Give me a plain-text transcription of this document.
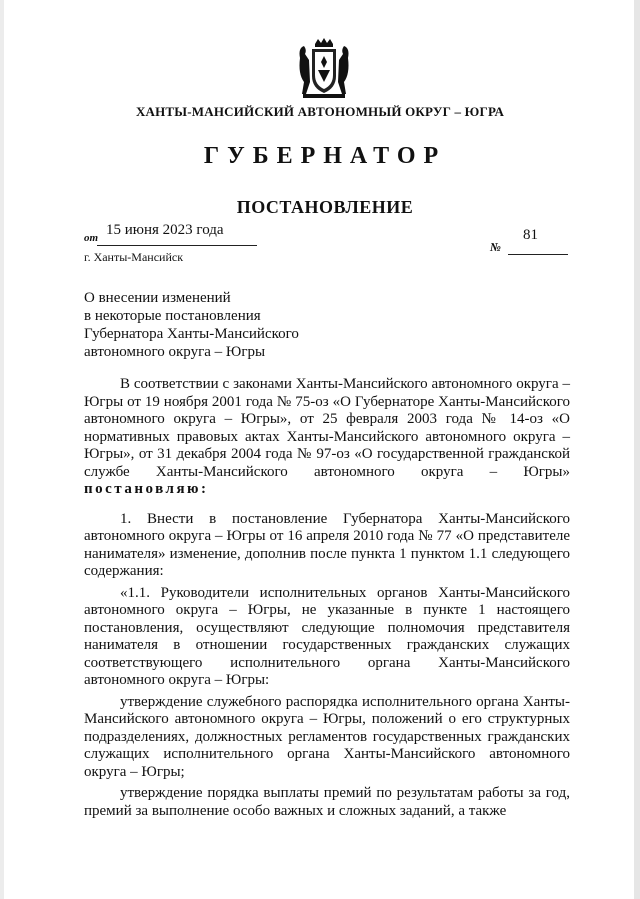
ХАНТЫ-МАНСИЙСКИЙ АВТОНОМНЫЙ ОКРУГ – ЮГРА
ГУБЕРНАТОР
ПОСТАНОВЛЕНИЕ
от 15 июня 2023 года
№
81
г. Ханты-Мансийск
О внесении изменений
в некоторые постановления
Губернатора Ханты-Мансийского
автономного округа – Югры

В соответствии с законами Ханты-Мансийского автономного округа – Югры от 19 ноября 2001 года № 75-оз «О Губернаторе Ханты-Мансийского автономного округа – Югры», от 25 февраля 2003 года № 14-оз «О нормативных правовых актах Ханты-Мансийского автономного округа – Югры», от 31 декабря 2004 года № 97-оз «О государственной гражданской службе Ханты-Мансийского автономного округа – Югры» постановляю:

1. Внести в постановление Губернатора Ханты-Мансийского автономного округа – Югры от 16 апреля 2010 года № 77 «О представителе нанимателя» изменение, дополнив после пункта 1 пунктом 1.1 следующего содержания:

«1.1. Руководители исполнительных органов Ханты-Мансийского автономного округа – Югры, не указанные в пункте 1 настоящего постановления, осуществляют следующие полномочия представителя нанимателя в отношении государственных гражданских служащих соответствующего исполнительного органа Ханты-Мансийского автономного округа – Югры:

утверждение служебного распорядка исполнительного органа Ханты-Мансийского автономного округа – Югры, положений о его структурных подразделениях, должностных регламентов государственных гражданских служащих исполнительного органа Ханты-Мансийского автономного округа – Югры;

утверждение порядка выплаты премий по результатам работы за год, премий за выполнение особо важных и сложных заданий, а также
